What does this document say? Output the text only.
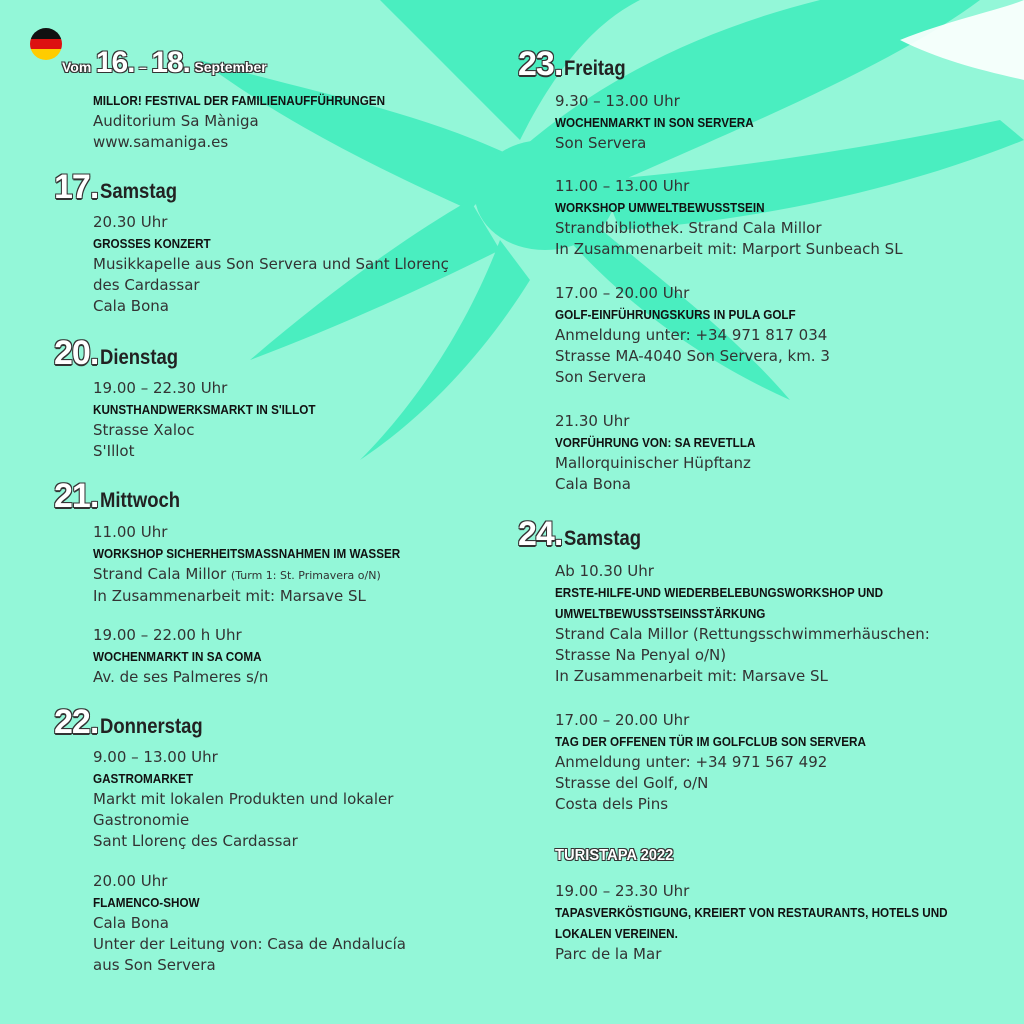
Vom 16. – 18. September
MILLOR! FESTIVAL DER FAMILIENAUFFÜHRUNGEN
Auditorium Sa Màniga
www.samaniga.es
17.Samstag
20.30 Uhr
GROSSES KONZERT
Musikkapelle aus Son Servera und Sant Llorenç
des Cardassar
Cala Bona
20.Dienstag
19.00 – 22.30 Uhr
KUNSTHANDWERKSMARKT IN S'ILLOT
Strasse Xaloc
S'Illot
21.Mittwoch
11.00 Uhr
WORKSHOP SICHERHEITSMASSNAHMEN IM WASSER
Strand Cala Millor (Turm 1: St. Primavera o/N)
In Zusammenarbeit mit: Marsave SL
19.00 – 22.00 h Uhr
WOCHENMARKT IN SA COMA
Av. de ses Palmeres s/n
22.Donnerstag
9.00 – 13.00 Uhr
GASTROMARKET
Markt mit lokalen Produkten und lokaler
Gastronomie
Sant Llorenç des Cardassar
20.00 Uhr
FLAMENCO-SHOW
Cala Bona
Unter der Leitung von: Casa de Andalucía
aus Son Servera
23.Freitag
9.30 – 13.00 Uhr
WOCHENMARKT IN SON SERVERA
Son Servera
11.00 – 13.00 Uhr
WORKSHOP UMWELTBEWUSSTSEIN
Strandbibliothek. Strand Cala Millor
In Zusammenarbeit mit: Marport Sunbeach SL
17.00 – 20.00 Uhr
GOLF-EINFÜHRUNGSKURS IN PULA GOLF
Anmeldung unter: +34 971 817 034
Strasse MA-4040 Son Servera, km. 3
Son Servera
21.30 Uhr
VORFÜHRUNG VON: SA REVETLLA
Mallorquinischer Hüpftanz
Cala Bona
24.Samstag
Ab 10.30 Uhr
ERSTE-HILFE-UND WIEDERBELEBUNGSWORKSHOP UND
UMWELTBEWUSSTSEINSSTÄRKUNG
Strand Cala Millor (Rettungsschwimmerhäuschen:
Strasse Na Penyal o/N)
In Zusammenarbeit mit: Marsave SL
17.00 – 20.00 Uhr
TAG DER OFFENEN TÜR IM GOLFCLUB SON SERVERA
Anmeldung unter: +34 971 567 492
Strasse del Golf, o/N
Costa dels Pins
TURISTAPA 2022
19.00 – 23.30 Uhr
TAPASVERKÖSTIGUNG, KREIERT VON RESTAURANTS, HOTELS UND
LOKALEN VEREINEN.
Parc de la Mar
